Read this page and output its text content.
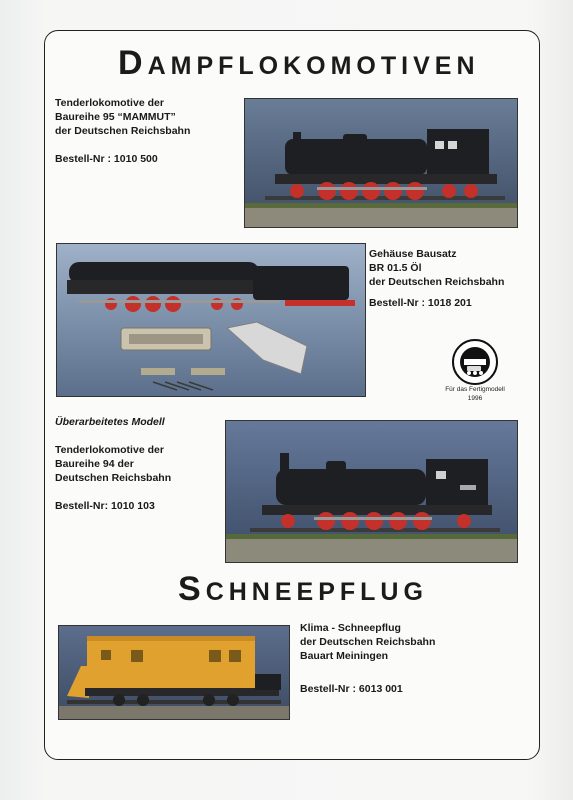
DAMPFLOKOMOTIVEN

Tenderlokomotive der

Baureihe 95 “MAMMUT”

der Deutschen Reichsbahn

Bestell-Nr : 1010 500

Gehäuse Bausatz

BR 01.5 Öl

der Deutschen Reichsbahn

Bestell-Nr : 1018 201

Für das Fertigmodell
1996

Überarbeitetes Modell

Tenderlokomotive der

Baureihe 94 der

Deutschen Reichsbahn

Bestell-Nr: 1010 103

SCHNEEPFLUG

Klima - Schneepflug

der Deutschen Reichsbahn

Bauart Meiningen

Bestell-Nr : 6013 001
